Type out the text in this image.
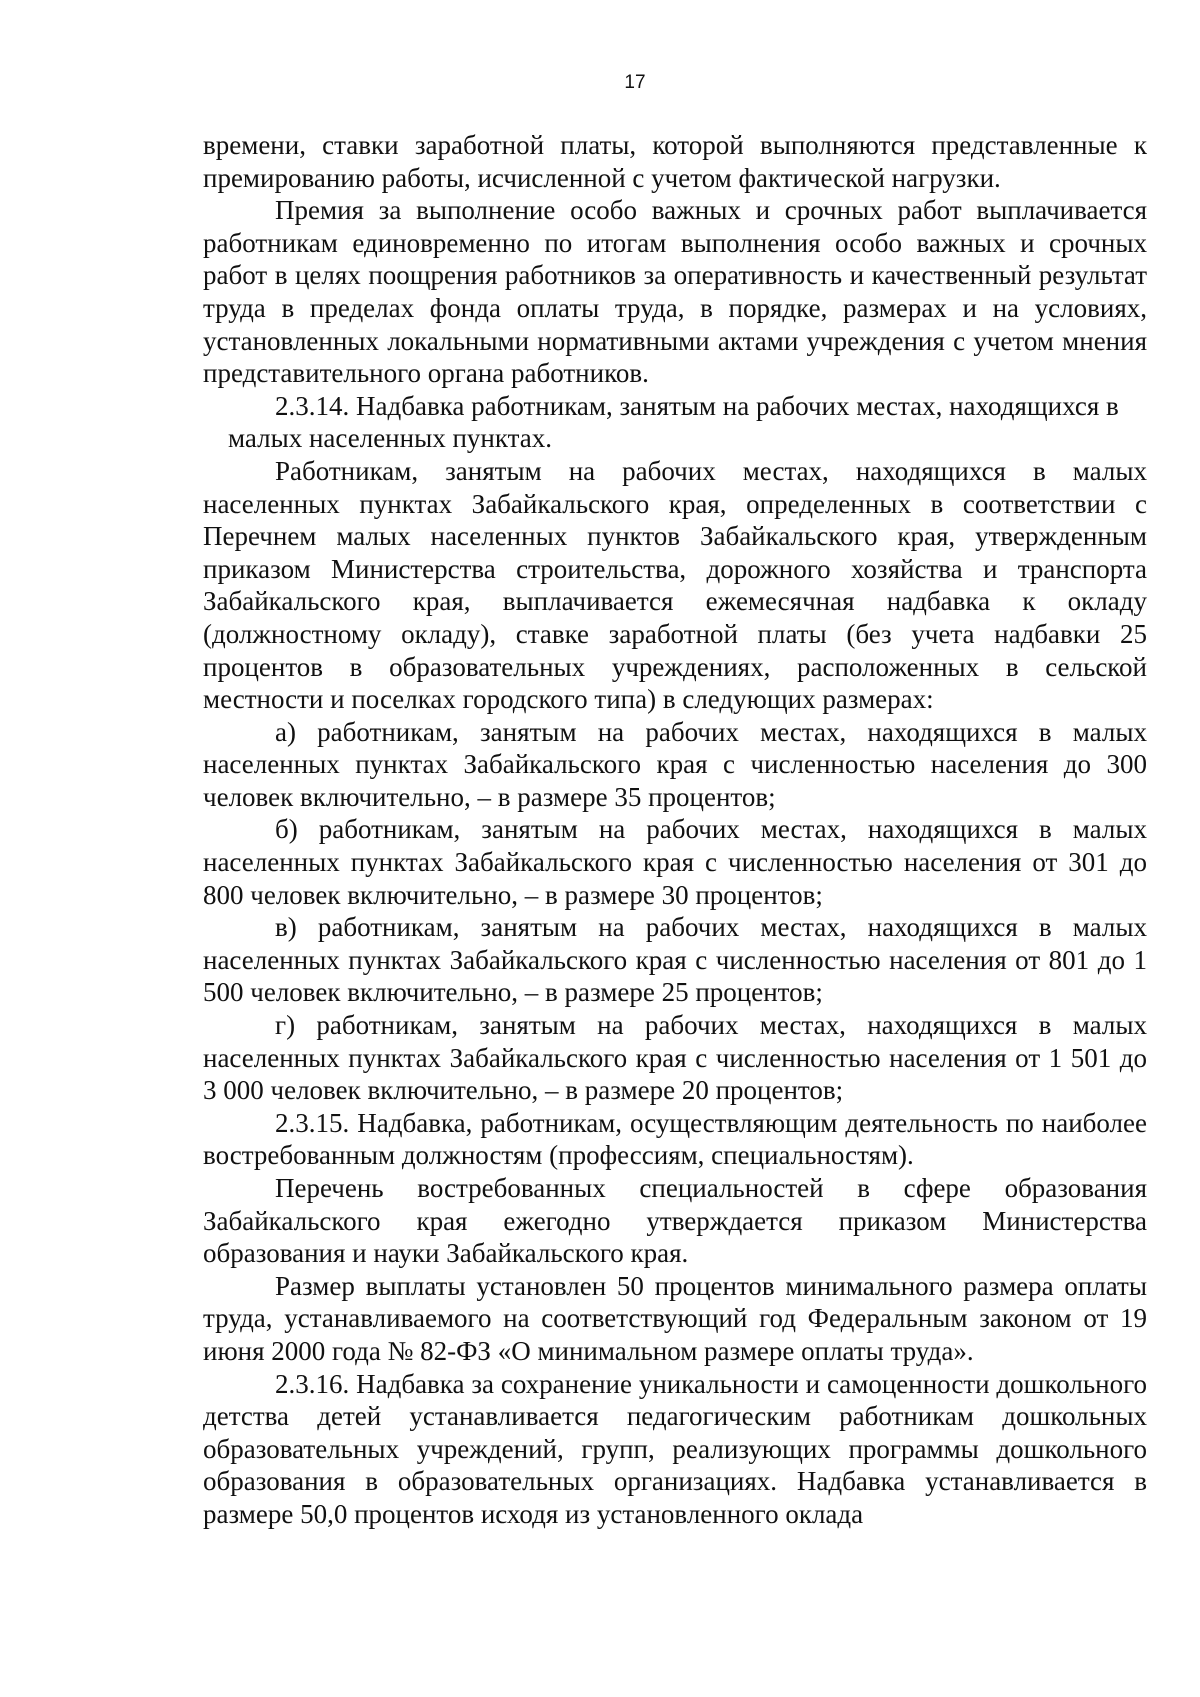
17

времени, ставки заработной платы, которой выполняются представленные к премированию работы, исчисленной с учетом фактической нагрузки.

Премия за выполнение особо важных и срочных работ выплачивается работникам единовременно по итогам выполнения особо важных и срочных работ в целях поощрения работников за оперативность и качественный результат труда в пределах фонда оплаты труда, в порядке, размерах и на условиях, установленных локальными нормативными актами учреждения с учетом мнения представительного органа работников.

2.3.14. Надбавка работникам, занятым на рабочих местах, находящихся в малых населенных пунктах.

Работникам, занятым на рабочих местах, находящихся в малых населенных пунктах Забайкальского края, определенных в соответствии с Перечнем малых населенных пунктов Забайкальского края, утвержденным приказом Министерства строительства, дорожного хозяйства и транспорта Забайкальского края, выплачивается ежемесячная надбавка к окладу (должностному окладу), ставке заработной платы (без учета надбавки 25 процентов в образовательных учреждениях, расположенных в сельской местности и поселках городского типа) в следующих размерах:

а) работникам, занятым на рабочих местах, находящихся в малых населенных пунктах Забайкальского края с численностью населения до 300 человек включительно, – в размере 35 процентов;

б) работникам, занятым на рабочих местах, находящихся в малых населенных пунктах Забайкальского края с численностью населения от 301 до 800 человек включительно, – в размере 30 процентов;

в) работникам, занятым на рабочих местах, находящихся в малых населенных пунктах Забайкальского края с численностью населения от 801 до 1 500 человек включительно, – в размере 25 процентов;

г) работникам, занятым на рабочих местах, находящихся в малых населенных пунктах Забайкальского края с численностью населения от 1 501 до 3 000 человек включительно, – в размере 20 процентов;

2.3.15. Надбавка, работникам, осуществляющим деятельность по наиболее востребованным должностям (профессиям, специальностям).

Перечень востребованных специальностей в сфере образования Забайкальского края ежегодно утверждается приказом Министерства образования и науки Забайкальского края.

Размер выплаты установлен 50 процентов минимального размера оплаты труда, устанавливаемого на соответствующий год Федеральным законом от 19 июня 2000 года № 82-ФЗ «О минимальном размере оплаты труда».

2.3.16. Надбавка за сохранение уникальности и самоценности дошкольного детства детей устанавливается педагогическим работникам дошкольных образовательных учреждений, групп, реализующих программы дошкольного образования в образовательных организациях. Надбавка устанавливается в размере 50,0 процентов исходя из установленного оклада
